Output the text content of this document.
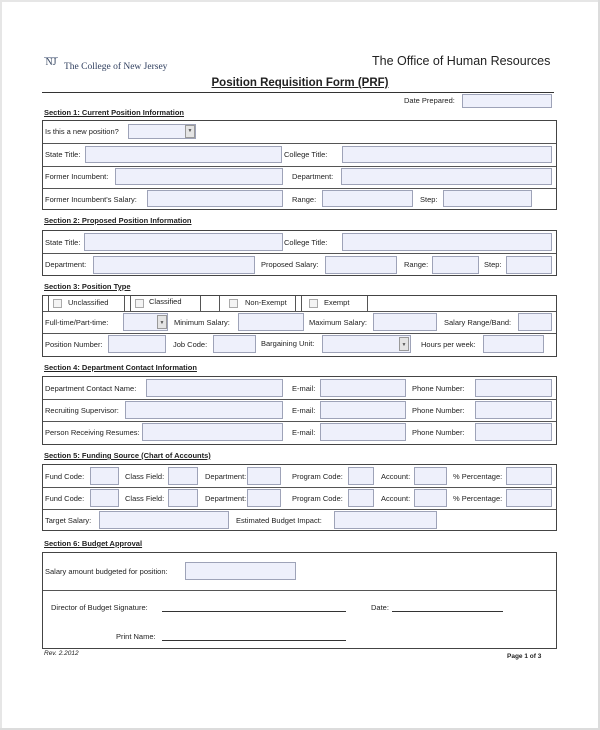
NJ The College of New Jersey	The Office of Human Resources
Position Requisition Form (PRF)
Date Prepared:
Section 1: Current Position Information
Is this a new position?	▼
State Title:	College Title:
Former Incumbent:	Department:
Former Incumbent's Salary:	Range:	Step:
Section 2: Proposed Position Information
State Title:	College Title:
Department:	Proposed Salary:	Range:	Step:
Section 3: Position Type
Unclassified	Classified	Non-Exempt	Exempt
Full-time/Part-time:	▼	Minimum Salary:	Maximum Salary:	Salary Range/Band:
Position Number:	Job Code:	Bargaining Unit:	▼	Hours per week:
Section 4: Department Contact Information
Department Contact Name:	E-mail:	Phone Number:
Recruiting Supervisor:	E-mail:	Phone Number:
Person Receiving Resumes:	E-mail:	Phone Number:
Section 5: Funding Source (Chart of Accounts)
Fund Code:	Class Field:	Department:	Program Code:	Account:	% Percentage:
Fund Code:	Class Field:	Department:	Program Code:	Account:	% Percentage:
Target Salary:	Estimated Budget Impact:
Section 6: Budget Approval
Salary amount budgeted for position:
Director of Budget Signature:	Date:
Print Name:
Rev. 2.2012	Page 1 of 3
